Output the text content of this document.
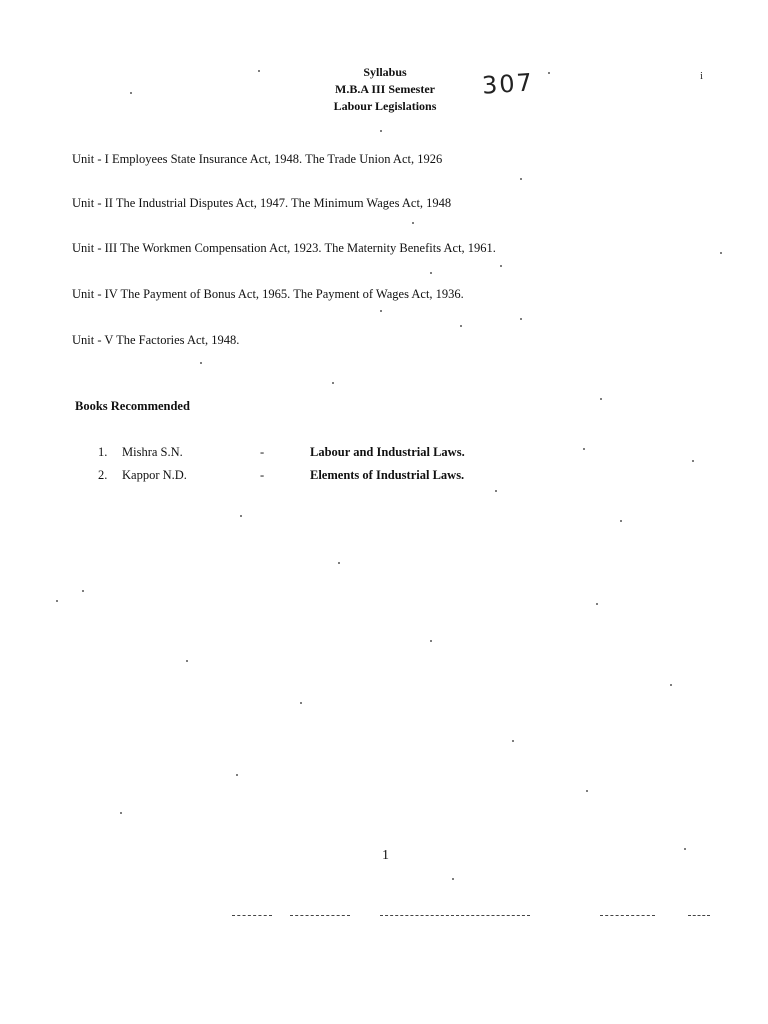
Syllabus
M.B.A III Semester
Labour Legislations
307	i
Unit - I Employees State Insurance Act, 1948. The Trade Union Act, 1926
Unit - II The Industrial Disputes Act, 1947. The Minimum Wages Act, 1948
Unit - III The Workmen Compensation Act, 1923. The Maternity Benefits Act, 1961.
Unit - IV The Payment of Bonus Act, 1965. The Payment of Wages Act, 1936.
Unit - V The Factories Act, 1948.
Books Recommended
1. Mishra S.N.	-	Labour and Industrial Laws.
2. Kappor N.D.	-	Elements of Industrial Laws.
1
